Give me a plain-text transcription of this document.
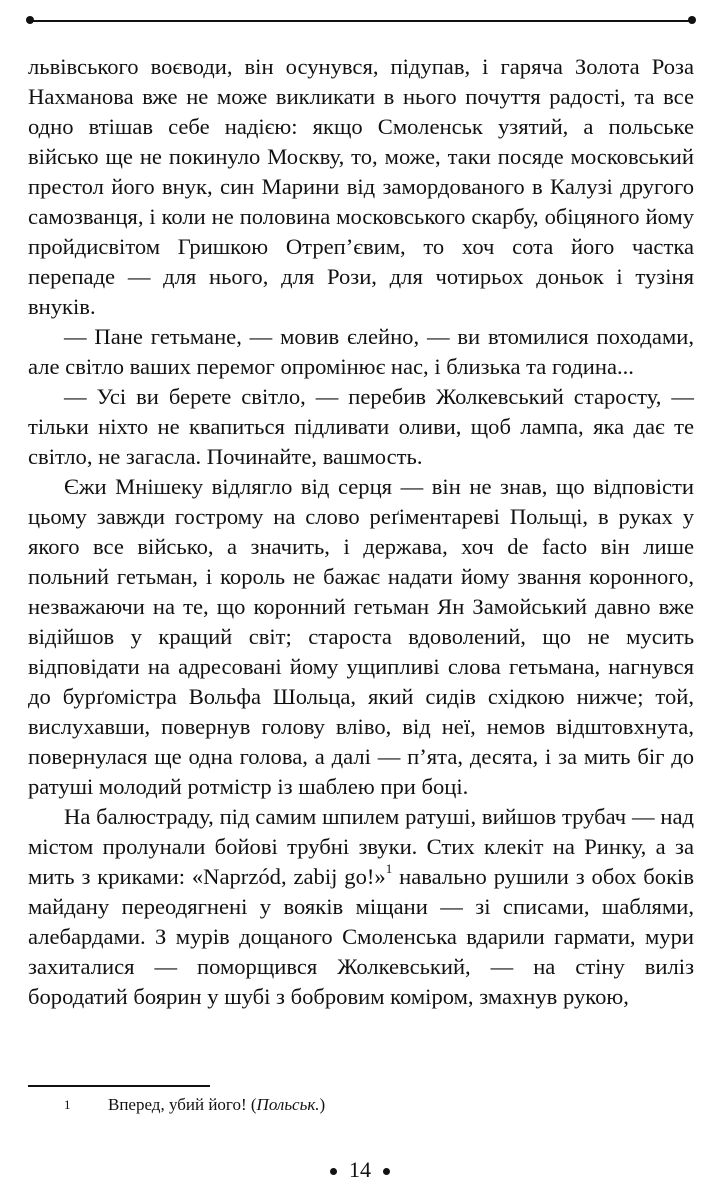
львівського воєводи, він осунувся, підупав, і гаряча Золота Роза Нахманова вже не може викликати в нього почуття радості, та все одно втішав себе надією: якщо Смоленськ узятий, а польське військо ще не покинуло Москву, то, може, таки посяде московський престол його внук, син Марини від замордованого в Калузі другого самозванця, і коли не половина московського скарбу, обіцяного йому пройдисвітом Гришкою Отреп’євим, то хоч сота його частка перепаде — для нього, для Рози, для чотирьох доньок і тузіня внуків.

— Пане гетьмане, — мовив єлейно, — ви втомилися походами, але світло ваших перемог опромінює нас, і близька та година...

— Усі ви берете світло, — перебив Жолкевський старосту, — тільки ніхто не квапиться підливати оливи, щоб лампа, яка дає те світло, не загасла. Починайте, вашмость.

Єжи Мнішеку відлягло від серця — він не знав, що відповісти цьому завжди гострому на слово реґіментареві Польщі, в руках у якого все військо, а значить, і держава, хоч de facto він лише польний гетьман, і король не бажає надати йому звання коронного, незважаючи на те, що коронний гетьман Ян Замойський давно вже відійшов у кращий світ; староста вдоволений, що не мусить відповідати на адресовані йому ущипливі слова гетьмана, нагнувся до бурґомістра Вольфа Шольца, який сидів східкою нижче; той, вислухавши, повернув голову вліво, від неї, немов відштовхнута, повернулася ще одна голова, а далі — п’ята, десята, і за мить біг до ратуші молодий ротмістр із шаблею при боці.

На балюстраду, під самим шпилем ратуші, вийшов трубач — над містом пролунали бойові трубні звуки. Стих клекіт на Ринку, а за мить з криками: «Naprzód, zabij go!»$^1$ навально рушили з обох боків майдану переодягнені у вояків міщани — зі списами, шаблями, алебардами. З мурів дощаного Смоленська вдарили гармати, мури захиталися — поморщився Жолкевський, — на стіну виліз бородатий боярин у шубі з бобровим коміром, змахнув рукою,

1 Вперед, убий його! (Польськ.)
14
